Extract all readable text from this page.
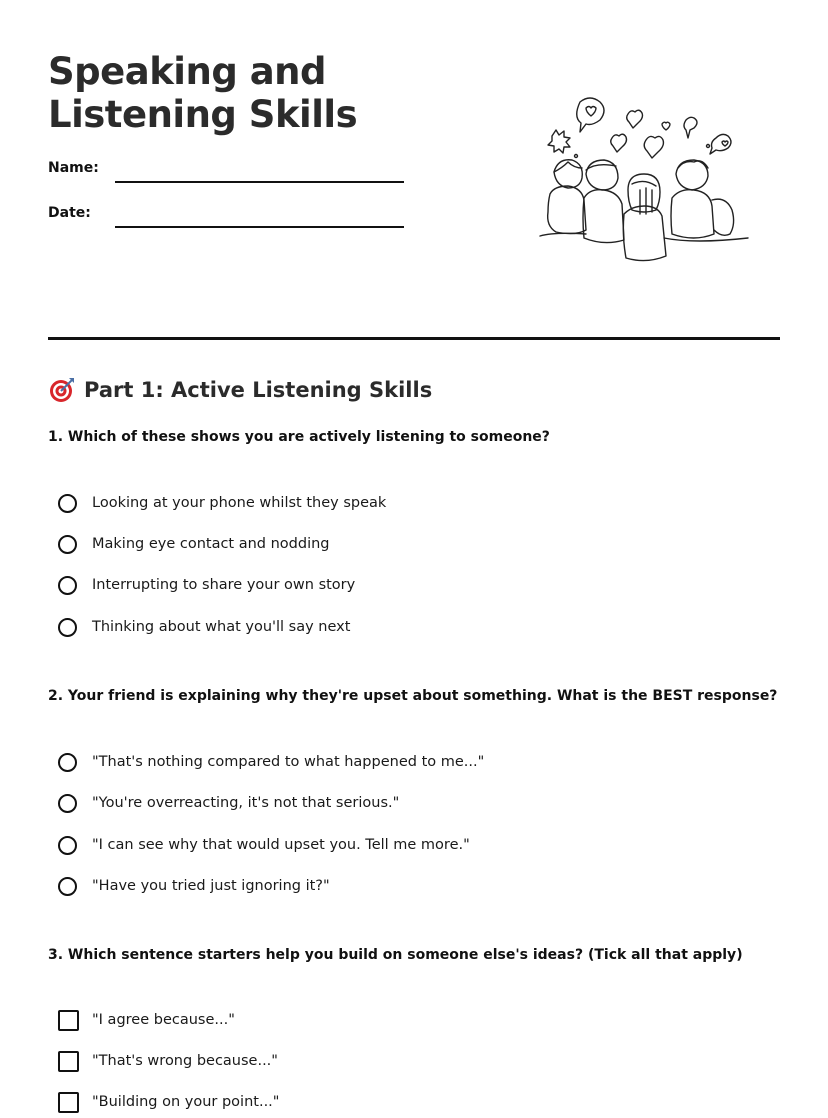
Speaking and Listening Skills
Name:
Date:
Part 1: Active Listening Skills
1. Which of these shows you are actively listening to someone?
Looking at your phone whilst they speak
Making eye contact and nodding
Interrupting to share your own story
Thinking about what you'll say next
2. Your friend is explaining why they're upset about something. What is the BEST response?
"That's nothing compared to what happened to me..."
"You're overreacting, it's not that serious."
"I can see why that would upset you. Tell me more."
"Have you tried just ignoring it?"
3. Which sentence starters help you build on someone else's ideas? (Tick all that apply)
"I agree because..."
"That's wrong because..."
"Building on your point..."
